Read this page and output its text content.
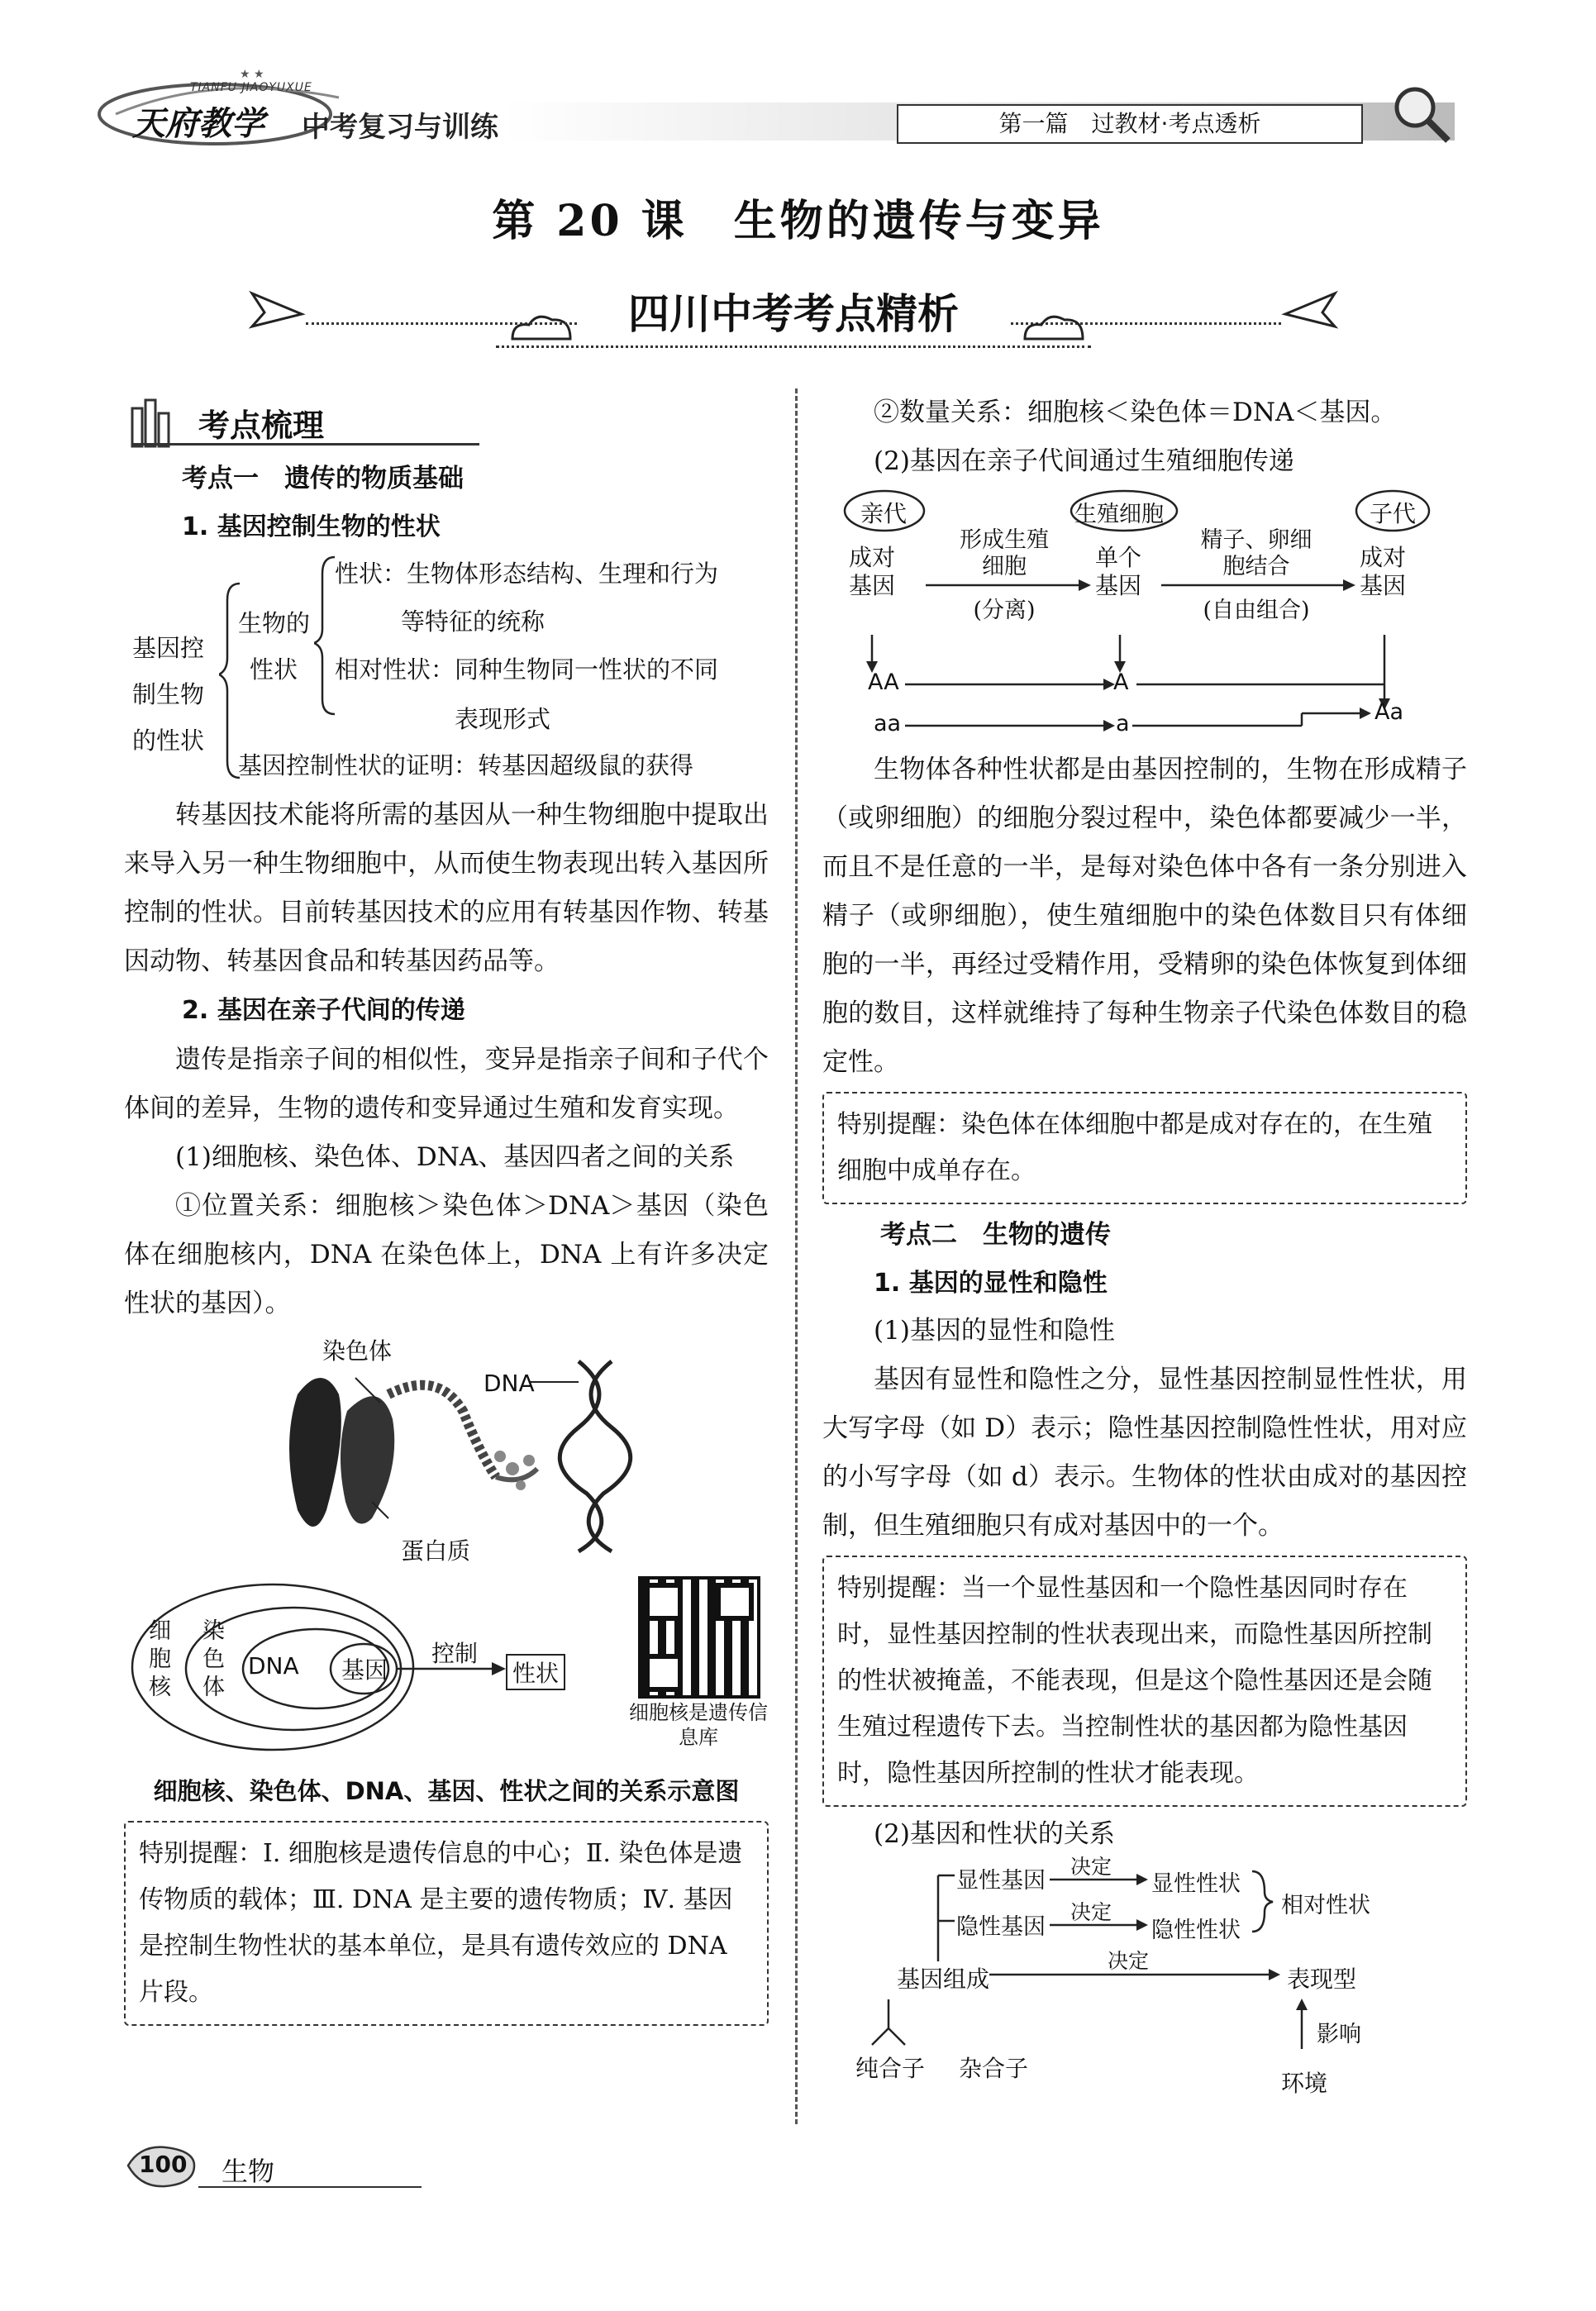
★ ★
TIANFU JIAOYUXUE
天府教学 中考复习与训练	第一篇　过教材·考点透析
第 20 课　生物的遗传与变异
四川中考考点精析
考点梳理
考点一　遗传的物质基础
1. 基因控制生物的性状
基因控
制生物
的性状
生物的
性状
性状：生物体形态结构、生理和行为
等特征的统称
相对性状：同种生物同一性状的不同
表现形式
基因控制性状的证明：转基因超级鼠的获得
转基因技术能将所需的基因从一种生物细胞中提取出来导入另一种生物细胞中，从而使生物表现出转入基因所控制的性状。目前转基因技术的应用有转基因作物、转基因动物、转基因食品和转基因药品等。
2. 基因在亲子代间的传递
遗传是指亲子间的相似性，变异是指亲子间和子代个体间的差异，生物的遗传和变异通过生殖和发育实现。
(1)细胞核、染色体、DNA、基因四者之间的关系
①位置关系：细胞核＞染色体＞DNA＞基因（染色体在细胞核内，DNA 在染色体上，DNA 上有许多决定性状的基因）。
染色体
DNA
蛋白质
细
胞
核
染
色
体
DNA 基因
控制
性状
细胞核是遗传信息库
细胞核、染色体、DNA、基因、性状之间的关系示意图
特别提醒：Ⅰ. 细胞核是遗传信息的中心；Ⅱ. 染色体是遗传物质的载体；Ⅲ. DNA 是主要的遗传物质；Ⅳ. 基因是控制生物性状的基本单位，是具有遗传效应的 DNA 片段。
②数量关系：细胞核＜染色体＝DNA＜基因。
(2)基因在亲子代间通过生殖细胞传递
亲代	生殖细胞	子代
成对
基因
单个
基因
成对
基因
形成生殖
细胞
(分离)
精子、卵细
胞结合
(自由组合)
AA	A
aa	a	Aa
生物体各种性状都是由基因控制的，生物在形成精子（或卵细胞）的细胞分裂过程中，染色体都要减少一半，而且不是任意的一半，是每对染色体中各有一条分别进入精子（或卵细胞），使生殖细胞中的染色体数目只有体细胞的一半，再经过受精作用，受精卵的染色体恢复到体细胞的数目，这样就维持了每种生物亲子代染色体数目的稳定性。
特别提醒：染色体在体细胞中都是成对存在的，在生殖细胞中成单存在。
考点二　生物的遗传
1. 基因的显性和隐性
(1)基因的显性和隐性
基因有显性和隐性之分，显性基因控制显性性状，用大写字母（如 D）表示；隐性基因控制隐性性状，用对应的小写字母（如 d）表示。生物体的性状由成对的基因控制，但生殖细胞只有成对基因中的一个。
特别提醒：当一个显性基因和一个隐性基因同时存在时，显性基因控制的性状表现出来，而隐性基因所控制的性状被掩盖，不能表现，但是这个隐性基因还是会随生殖过程遗传下去。当控制性状的基因都为隐性基因时，隐性基因所控制的性状才能表现。
(2)基因和性状的关系
显性基因
隐性基因
决定
决定
显性性状
隐性性状
相对性状
基因组成
决定
表现型
纯合子 杂合子
影响
环境
100 生物
